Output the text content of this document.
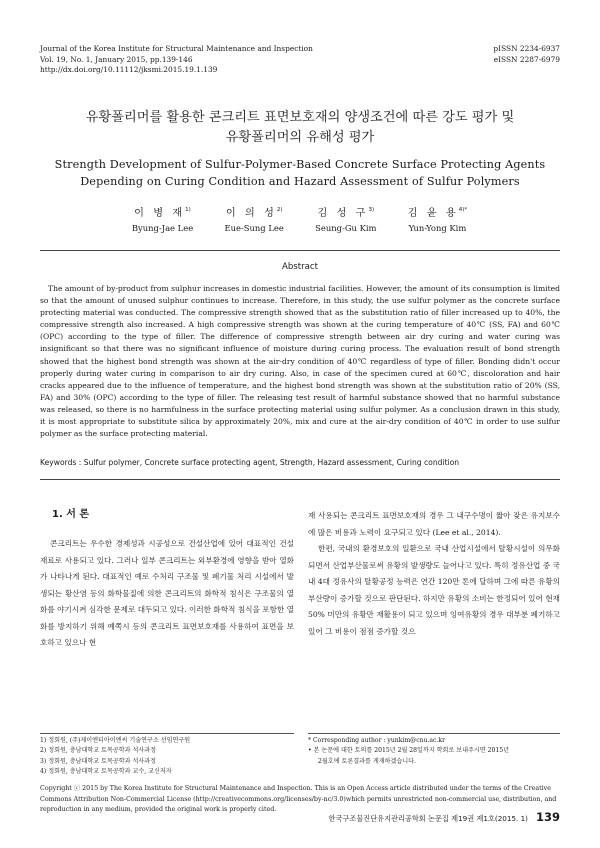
Journal of the Korea Institute for Structural Maintenance and Inspection
Vol. 19, No. 1, January 2015, pp.139-146
http://dx.doi.org/10.11112/jksmi.2015.19.1.139
pISSN 2234-6937
eISSN 2287-6979
유황폴리머를 활용한 콘크리트 표면보호재의 양생조건에 따른 강도 평가 및
유황폴리머의 유해성 평가
Strength Development of Sulfur-Polymer-Based Concrete Surface Protecting Agents
Depending on Curing Condition and Hazard Assessment of Sulfur Polymers
이 병 재$^{1)}$
Byung-Jae Lee
이 의 성$^{2)}$
Eue-Sung Lee
김 성 구$^{3)}$
Seung-Gu Kim
김 윤 용$^{4)*}$
Yun-Yong Kim
Abstract
The amount of by-product from sulphur increases in domestic industrial facilities. However, the amount of its consumption is limited so that the amount of unused sulphur continues to increase. Therefore, in this study, the use sulfur polymer as the concrete surface protecting material was conducted. The compressive strength showed that as the substitution ratio of filler increased up to 40%, the compressive strength also increased. A high compressive strength was shown at the curing temperature of 40℃ (SS, FA) and 60℃ (OPC) according to the type of filler. The difference of compressive strength between air dry curing and water curing was insignificant so that there was no significant influence of moisture during curing process. The evaluation result of bond strength showed that the highest bond strength was shown at the air-dry condition of 40℃ regardless of type of filler. Bonding didn't occur properly during water curing in comparison to air dry curing. Also, in case of the specimen cured at 60℃, discoloration and hair cracks appeared due to the influence of temperature, and the highest bond strength was shown at the substitution ratio of 20% (SS, FA) and 30% (OPC) according to the type of filler. The releasing test result of harmful substance showed that no harmful substance was released, so there is no harmfulness in the surface protecting material using sulfur polymer. As a conclusion drawn in this study, it is most appropriate to substitute silica by approximately 20%, mix and cure at the air-dry condition of 40℃ in order to use sulfur polymer as the surface protecting material.
Keywords : Sulfur polymer, Concrete surface protecting agent, Strength, Hazard assessment, Curing condition
1. 서 론

콘크리트는 우수한 경제성과 시공성으로 건설산업에 있어 대표적인 건설재료로 사용되고 있다. 그러나 일부 콘크리트는 외부환경에 영향을 받아 열화가 나타나게 된다. 대표적인 예로 수처리 구조물 및 폐기물 처리 시설에서 발생되는 황산염 등의 화학물질에 의한 콘크리트의 화학적 침식은 구조물의 열화를 야기시켜 심각한 문제로 대두되고 있다. 이러한 화학적 침식을 포함한 열화를 방지하기 위해 예쪽시 등의 콘크리트 표면보호재를 사용하여 표면을 보호하고 있으나 현

재 사용되는 콘크리트 표면보호재의 경우 그 내구수명이 짧아 잦은 유지보수에 많은 비용과 노력이 요구되고 있다 (Lee et al., 2014).

한편, 국내의 환경보호의 일환으로 국내 산업시설에서 탈황시설이 의무화되면서 산업부산물로써 유황의 발생량도 늘어나고 있다. 특히 정유산업 중 국내 4대 정유사의 탈황공정 능력은 연간 120만 톤에 달하며 그에 따른 유황의 부산량이 증가할 것으로 판단된다. 하지만 유황의 소비는 한정되어 있어 현재 50% 미만의 유황만 재활용이 되고 있으며 잉여유황의 경우 대부분 폐기하고 있어 그 비용이 점점 증가할 것으

1) 정회원, (주)제이엔티아이엔씨 기술연구소 선임연구원
2) 정회원, 충남대학교 토목공학과 석사과정
3) 정회원, 충남대학교 토목공학과 석사과정
4) 정회원, 충남대학교 토목공학과 교수, 교신저자
* Corresponding author : yunkim@cnu.ac.kr
• 본 논문에 대한 토의를 2015년 2월 28일까지 학회로 보내주시면 2015년
2월호에 토론결과를 게재하겠습니다.
Copyright ⓒ 2015 by The Korea Institute for Structural Maintenance and Inspection. This is an Open Access article distributed under the terms of the Creative Commons Attribution Non-Commercial License (http://creativecommons.org/licenses/by-nc/3.0)which permits unrestricted non-commercial use, distribution, and reproduction in any medium, provided the original work is properly cited.
한국구조물진단유지관리공학회 논문집 제19권 제1호(2015. 1) 139
